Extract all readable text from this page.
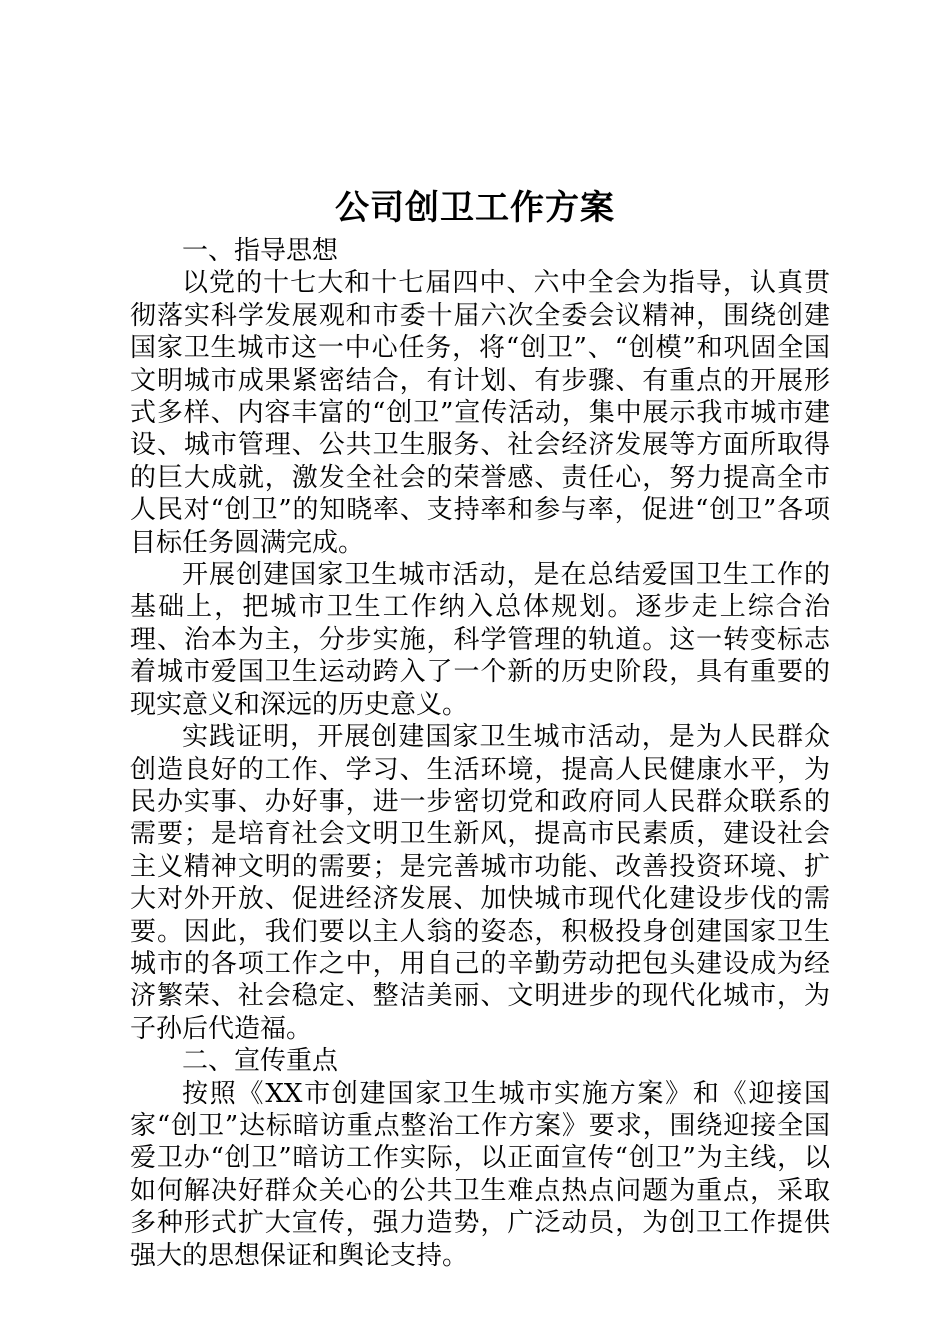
公司创卫工作方案

一、指导思想

以党的十七大和十七届四中、六中全会为指导，认真贯彻落实科学发展观和市委十届六次全委会议精神，围绕创建国家卫生城市这一中心任务，将“创卫”、“创模”和巩固全国文明城市成果紧密结合，有计划、有步骤、有重点的开展形式多样、内容丰富的“创卫”宣传活动，集中展示我市城市建设、城市管理、公共卫生服务、社会经济发展等方面所取得的巨大成就，激发全社会的荣誉感、责任心，努力提高全市人民对“创卫”的知晓率、支持率和参与率，促进“创卫”各项目标任务圆满完成。

开展创建国家卫生城市活动，是在总结爱国卫生工作的基础上，把城市卫生工作纳入总体规划。逐步走上综合治理、治本为主，分步实施，科学管理的轨道。这一转变标志着城市爱国卫生运动跨入了一个新的历史阶段，具有重要的现实意义和深远的历史意义。

实践证明，开展创建国家卫生城市活动，是为人民群众创造良好的工作、学习、生活环境，提高人民健康水平，为民办实事、办好事，进一步密切党和政府同人民群众联系的需要；是培育社会文明卫生新风，提高市民素质，建设社会主义精神文明的需要；是完善城市功能、改善投资环境、扩大对外开放、促进经济发展、加快城市现代化建设步伐的需要。因此，我们要以主人翁的姿态，积极投身创建国家卫生城市的各项工作之中，用自己的辛勤劳动把包头建设成为经济繁荣、社会稳定、整洁美丽、文明进步的现代化城市，为子孙后代造福。

二、宣传重点

按照《XX市创建国家卫生城市实施方案》和《迎接国家“创卫”达标暗访重点整治工作方案》要求，围绕迎接全国爱卫办“创卫”暗访工作实际，以正面宣传“创卫”为主线，以如何解决好群众关心的公共卫生难点热点问题为重点，采取多种形式扩大宣传，强力造势，广泛动员，为创卫工作提供强大的思想保证和舆论支持。
